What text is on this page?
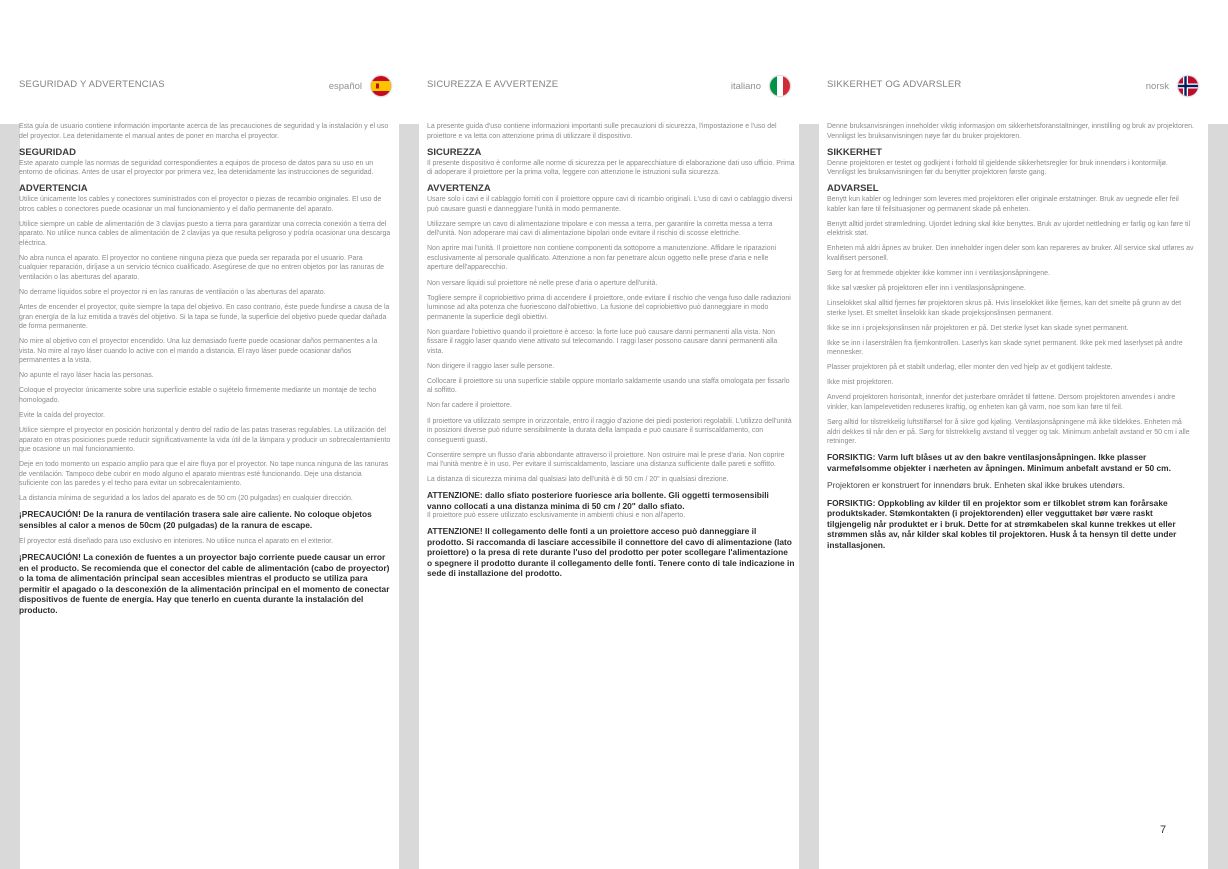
SEGURIDAD Y ADVERTENCIAS	español	SICUREZZA E AVVERTENZE	italiano	SIKKERHET OG ADVARSLER	norsk

Esta guía de usuario contiene información importante acerca de las precauciones de seguridad y la instalación y el uso del proyector. Lea detenidamente el manual antes de poner en marcha el proyector.

SEGURIDAD

Este aparato cumple las normas de seguridad correspondientes a equipos de proceso de datos para su uso en un entorno de oficinas. Antes de usar el proyector por primera vez, lea detenidamente las instrucciones de seguridad.

ADVERTENCIA

Utilice únicamente los cables y conectores suministrados con el proyector o piezas de recambio originales. El uso de otros cables o conectores puede ocasionar un mal funcionamiento y el daño permanente del aparato.

Utilice siempre un cable de alimentación de 3 clavijas puesto a tierra para garantizar una correcta conexión a tierra del aparato. No utilice nunca cables de alimentación de 2 clavijas ya que resulta peligroso y podría ocasionar una descarga eléctrica.

No abra nunca el aparato. El proyector no contiene ninguna pieza que pueda ser reparada por el usuario. Para cualquier reparación, diríjase a un servicio técnico cualificado. Asegúrese de que no entren objetos por las ranuras de ventilación o las aberturas del aparato.

No derrame líquidos sobre el proyector ni en las ranuras de ventilación o las aberturas del aparato.

Antes de encender el proyector, quite siempre la tapa del objetivo. En caso contrario, éste puede fundirse a causa de la gran energía de la luz emitida a través del objetivo. Si la tapa se funde, la superficie del objetivo puede quedar dañada de forma permanente.

No mire al objetivo con el proyector encendido. Una luz demasiado fuerte puede ocasionar daños permanentes a la vista. No mire al rayo láser cuando lo active con el mando a distancia. El rayo láser puede ocasionar daños permanentes a la vista.

No apunte el rayo láser hacia las personas.

Coloque el proyector únicamente sobre una superficie estable o sujételo firmemente mediante un montaje de techo homologado.

Evite la caída del proyector.

Utilice siempre el proyector en posición horizontal y dentro del radio de las patas traseras regulables. La utilización del aparato en otras posiciones puede reducir significativamente la vida útil de la lámpara y producir un sobrecalentamiento que ocasione un mal funcionamiento.

Deje en todo momento un espacio amplio para que el aire fluya por el proyector. No tape nunca ninguna de las ranuras de ventilación. Tampoco debe cubrir en modo alguno el aparato mientras esté funcionando. Deje una distancia suficiente con las paredes y el techo para evitar un sobrecalentamiento.

La distancia mínima de seguridad a los lados del aparato es de 50 cm (20 pulgadas) en cualquier dirección.

¡PRECAUCIÓN! De la ranura de ventilación trasera sale aire caliente. No coloque objetos sensibles al calor a menos de 50cm (20 pulgadas) de la ranura de escape.

El proyector está diseñado para uso exclusivo en interiores. No utilice nunca el aparato en el exterior.

¡PRECAUCIÓN! La conexión de fuentes a un proyector bajo corriente puede causar un error en el producto. Se recomienda que el conector del cable de alimentación (cabo de proyector) o la toma de alimentación principal sean accesibles mientras el producto se utiliza para permitir el apagado o la desconexión de la alimentación principal en el momento de conectar dispositivos de fuente de energía. Hay que tenerlo en cuenta durante la instalación del producto.

La presente guida d'uso contiene informazioni importanti sulle precauzioni di sicurezza, l'impostazione e l'uso del proiettore e va letta con attenzione prima di utilizzare il dispositivo.

SICUREZZA

Il presente dispositivo è conforme alle norme di sicurezza per le apparecchiature di elaborazione dati uso ufficio. Prima di adoperare il proiettore per la prima volta, leggere con attenzione le istruzioni sulla sicurezza.

AVVERTENZA

Usare solo i cavi e il cablaggio forniti con il proiettore oppure cavi di ricambio originali. L'uso di cavi o cablaggio diversi può causare guasti e danneggiare l'unità in modo permanente.

Utilizzare sempre un cavo di alimentazione tripolare e con messa a terra, per garantire la corretta messa a terra dell'unità. Non adoperare mai cavi di alimentazione bipolari onde evitare il rischio di scosse elettriche.

Non aprire mai l'unità. Il proiettore non contiene componenti da sottoporre a manutenzione. Affidare le riparazioni esclusivamente al personale qualificato. Attenzione a non far penetrare alcun oggetto nelle prese d'aria e nelle aperture dell'apparecchio.

Non versare liquidi sul proiettore né nelle prese d'aria o aperture dell'unità.

Togliere sempre il copriobiettivo prima di accendere il proiettore, onde evitare il rischio che venga fuso dalle radiazioni luminose ad alta potenza che fuoriescono dall'obiettivo. La fusione del copriobiettivo può danneggiare in modo permanente la superficie degli obiettivi.

Non guardare l'obiettivo quando il proiettore è acceso: la forte luce può causare danni permanenti alla vista. Non fissare il raggio laser quando viene attivato sul telecomando. I raggi laser possono causare danni permanenti alla vista.

Non dirigere il raggio laser sulle persone.

Collocare il proiettore su una superficie stabile oppure montarlo saldamente usando una staffa omologata per fissarlo al soffitto.

Non far cadere il proiettore.

Il proiettore va utilizzato sempre in orizzontale, entro il raggio d'azione dei piedi posteriori regolabili. L'utilizzo dell'unità in posizioni diverse può ridurre sensibilmente la durata della lampada e può causare il surriscaldamento, con conseguenti guasti.

Consentire sempre un flusso d'aria abbondante attraverso il proiettore. Non ostruire mai le prese d'aria. Non coprire mai l'unità mentre è in uso. Per evitare il surriscaldamento, lasciare una distanza sufficiente dalle pareti e soffitto.

La distanza di sicurezza minima dal qualsiasi lato dell'unità è di 50 cm / 20" in qualsiasi direzione.

ATTENZIONE: dallo sfiato posteriore fuoriesce aria bollente. Gli oggetti termosensibili vanno collocati a una distanza minima di 50 cm / 20" dallo sfiato.

Il proiettore può essere utilizzato esclusivamente in ambienti chiusi e non all'aperto.

ATTENZIONE! Il collegamento delle fonti a un proiettore acceso può danneggiare il prodotto. Si raccomanda di lasciare accessibile il connettore del cavo di alimentazione (lato proiettore) o la presa di rete durante l'uso del prodotto per poter scollegare l'alimentazione o spegnere il prodotto durante il collegamento delle fonti. Tenere conto di tale indicazione in sede di installazione del prodotto.

Denne bruksanvisningen inneholder viktig informasjon om sikkerhetsforanstaltninger, innstilling og bruk av projektoren. Vennligst les bruksanvisningen nøye før du bruker projektoren.

SIKKERHET

Denne projektoren er testet og godkjent i forhold til gjeldende sikkerhetsregler for bruk innendørs i kontormiljø. Vennligst les bruksanvisningen før du benytter projektoren første gang.

ADVARSEL

Benytt kun kabler og ledninger som leveres med projektoren eller originale erstatninger. Bruk av uegnede eller feil kabler kan føre til feilsituasjoner og permanent skade på enheten.

Benytt alltid jordet strømledning. Ujordet ledning skal ikke benyttes. Bruk av ujordet nettledning er farlig og kan føre til elektrisk støt.

Enheten må aldri åpnes av bruker. Den inneholder ingen deler som kan repareres av bruker. All service skal utføres av kvalifisert personell.

Sørg for at fremmede objekter ikke kommer inn i ventilasjonsåpningene.

Ikke søl væsker på projektoren eller inn i ventilasjonsåpningene.

Linselokket skal alltid fjernes før projektoren skrus på. Hvis linselokket ikke fjernes, kan det smelte på grunn av det sterke lyset. Et smeltet linselokk kan skade projeksjonslinsen permanent.

Ikke se inn i projeksjonslinsen når projektoren er på. Det sterke lyset kan skade synet permanent.

Ikke se inn i laserstrålen fra fjernkontrollen. Laserlys kan skade synet permanent. Ikke pek med laserlyset på andre mennesker.

Plasser projektoren på et stabilt underlag, eller monter den ved hjelp av et godkjent takfeste.

Ikke mist projektoren.

Anvend projektoren horisontalt, innenfor det justerbare området til føttene. Dersom projektoren anvendes i andre vinkler, kan lampelevetiden reduseres kraftig, og enheten kan gå varm, noe som kan føre til feil.

Sørg alltid for tilstrekkelig luftstilførsel for å sikre god kjøling. Ventilasjonsåpningene må ikke tildekkes. Enheten må aldri dekkes til når den er på. Sørg for tilstrekkelig avstand til vegger og tak. Minimum anbefalt avstand er 50 cm i alle retninger.

FORSIKTIG: Varm luft blåses ut av den bakre ventilasjonsåpningen. Ikke plasser varmefølsomme objekter i nærheten av åpningen. Minimum anbefalt avstand er 50 cm.

Projektoren er konstruert for innendørs bruk. Enheten skal ikke brukes utendørs.

FORSIKTIG: Oppkobling av kilder til en projektor som er tilkoblet strøm kan forårsake produktskader. Stømkontakten (i projektorenden) eller vegguttaket bør være raskt tilgjengelig når produktet er i bruk. Dette for at strømkabelen skal kunne trekkes ut eller strømmen slås av, når kilder skal kobles til projektoren. Husk å ta hensyn til dette under installasjonen.

7
